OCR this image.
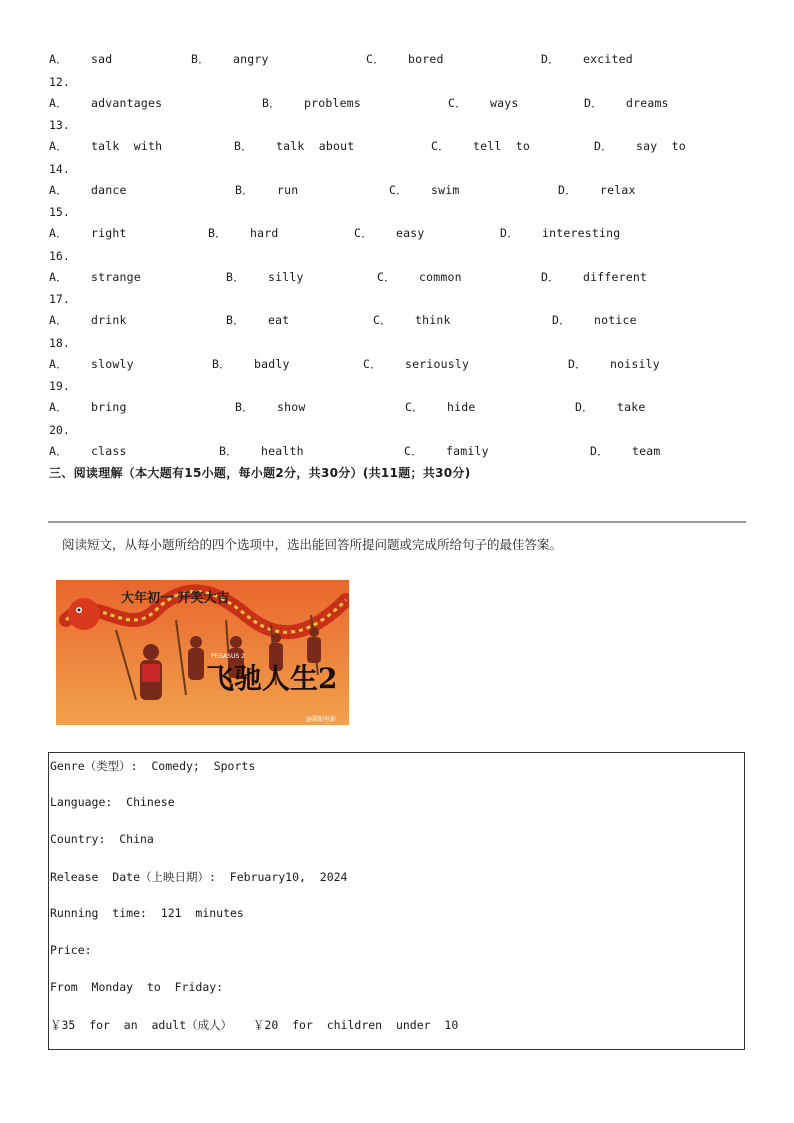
A． sad	B． angry	C． bored	D． excited
12.
A． advantages	B． problems	C． ways	D． dreams
13.
A． talk  with	B． talk  about	C． tell  to	D． say  to
14.
A． dance	B． run	C． swim	D． relax
15.
A． right	B． hard	C． easy	D． interesting
16.
A． strange	B． silly	C． common	D． different
17.
A． drink	B． eat	C． think	D． notice
18.
A． slowly	B． badly	C． seriously	D． noisily
19.
A． bring	B． show	C． hide	D． take
20.
A． class	B． health	C． family	D． team
三、阅读理解（本大题有15小题，每小题2分，共30分）(共11题；共30分)
阅读短文，从每小题所给的四个选项中，选出能回答所提问题或完成所给句子的最佳答案。
大年初一 开笑大吉
飞驰人生2
PEGASUS 2
@猫眼电影
Genre（类型）:  Comedy;  Sports
Language:  Chinese
Country:  China
Release  Date（上映日期）:  February10,  2024
Running  time:  121  minutes
Price:
From  Monday  to  Friday:
￥35  for  an  adult（成人）   ￥20  for  children  under  10
